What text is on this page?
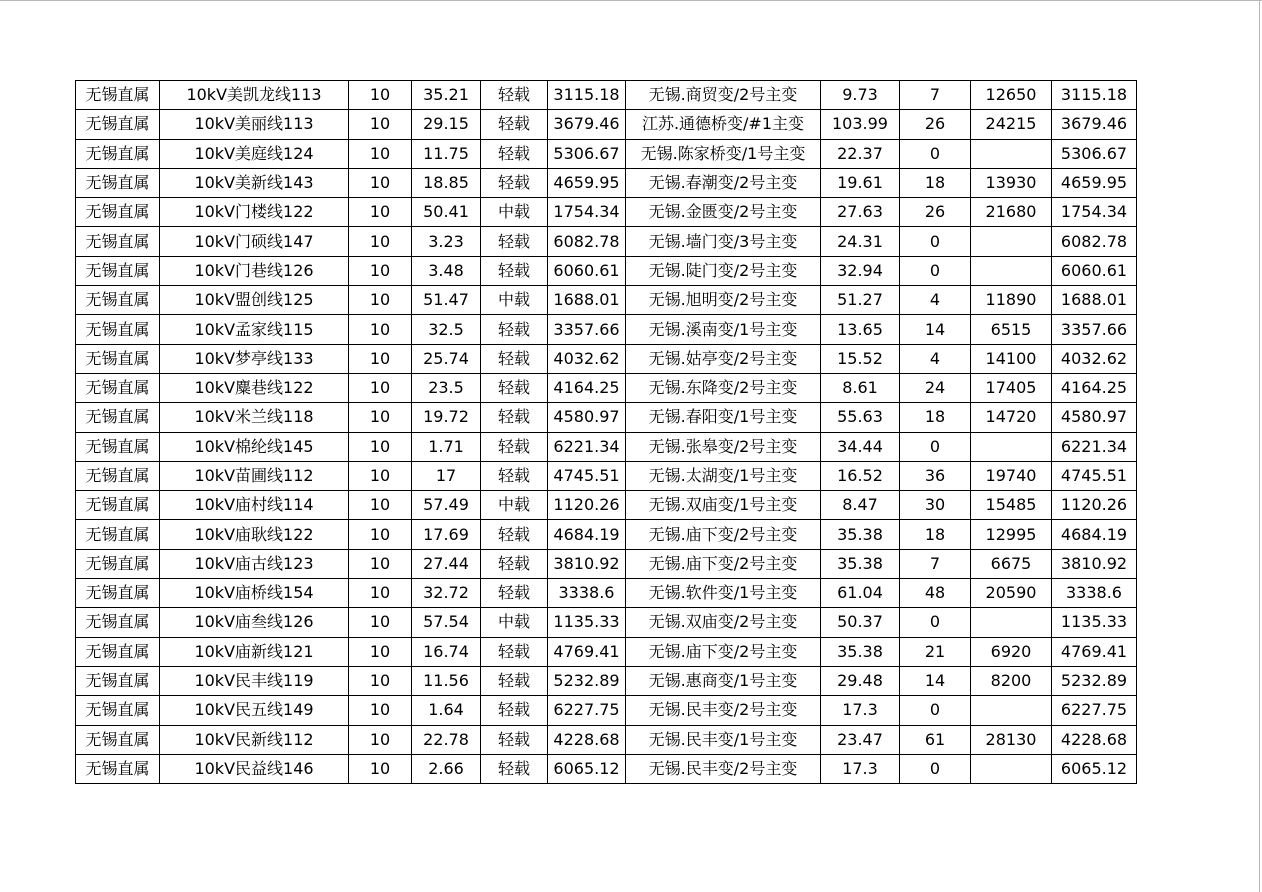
无锡直属	10kV美凯龙线113	10	35.21	轻载	3115.18	无锡.商贸变/2号主变	9.73	7	12650	3115.18
无锡直属	10kV美丽线113	10	29.15	轻载	3679.46	江苏.通德桥变/#1主变	103.99	26	24215	3679.46
无锡直属	10kV美庭线124	10	11.75	轻载	5306.67	无锡.陈家桥变/1号主变	22.37	0		5306.67
无锡直属	10kV美新线143	10	18.85	轻载	4659.95	无锡.春潮变/2号主变	19.61	18	13930	4659.95
无锡直属	10kV门楼线122	10	50.41	中载	1754.34	无锡.金匮变/2号主变	27.63	26	21680	1754.34
无锡直属	10kV门硕线147	10	3.23	轻载	6082.78	无锡.墙门变/3号主变	24.31	0		6082.78
无锡直属	10kV门巷线126	10	3.48	轻载	6060.61	无锡.陡门变/2号主变	32.94	0		6060.61
无锡直属	10kV盟创线125	10	51.47	中载	1688.01	无锡.旭明变/2号主变	51.27	4	11890	1688.01
无锡直属	10kV孟家线115	10	32.5	轻载	3357.66	无锡.溪南变/1号主变	13.65	14	6515	3357.66
无锡直属	10kV梦亭线133	10	25.74	轻载	4032.62	无锡.姑亭变/2号主变	15.52	4	14100	4032.62
无锡直属	10kV麋巷线122	10	23.5	轻载	4164.25	无锡.东降变/2号主变	8.61	24	17405	4164.25
无锡直属	10kV米兰线118	10	19.72	轻载	4580.97	无锡.春阳变/1号主变	55.63	18	14720	4580.97
无锡直属	10kV棉纶线145	10	1.71	轻载	6221.34	无锡.张皋变/2号主变	34.44	0		6221.34
无锡直属	10kV苗圃线112	10	17	轻载	4745.51	无锡.太湖变/1号主变	16.52	36	19740	4745.51
无锡直属	10kV庙村线114	10	57.49	中载	1120.26	无锡.双庙变/1号主变	8.47	30	15485	1120.26
无锡直属	10kV庙耿线122	10	17.69	轻载	4684.19	无锡.庙下变/2号主变	35.38	18	12995	4684.19
无锡直属	10kV庙古线123	10	27.44	轻载	3810.92	无锡.庙下变/2号主变	35.38	7	6675	3810.92
无锡直属	10kV庙桥线154	10	32.72	轻载	3338.6	无锡.软件变/1号主变	61.04	48	20590	3338.6
无锡直属	10kV庙叁线126	10	57.54	中载	1135.33	无锡.双庙变/2号主变	50.37	0		1135.33
无锡直属	10kV庙新线121	10	16.74	轻载	4769.41	无锡.庙下变/2号主变	35.38	21	6920	4769.41
无锡直属	10kV民丰线119	10	11.56	轻载	5232.89	无锡.惠商变/1号主变	29.48	14	8200	5232.89
无锡直属	10kV民五线149	10	1.64	轻载	6227.75	无锡.民丰变/2号主变	17.3	0		6227.75
无锡直属	10kV民新线112	10	22.78	轻载	4228.68	无锡.民丰变/1号主变	23.47	61	28130	4228.68
无锡直属	10kV民益线146	10	2.66	轻载	6065.12	无锡.民丰变/2号主变	17.3	0		6065.12
